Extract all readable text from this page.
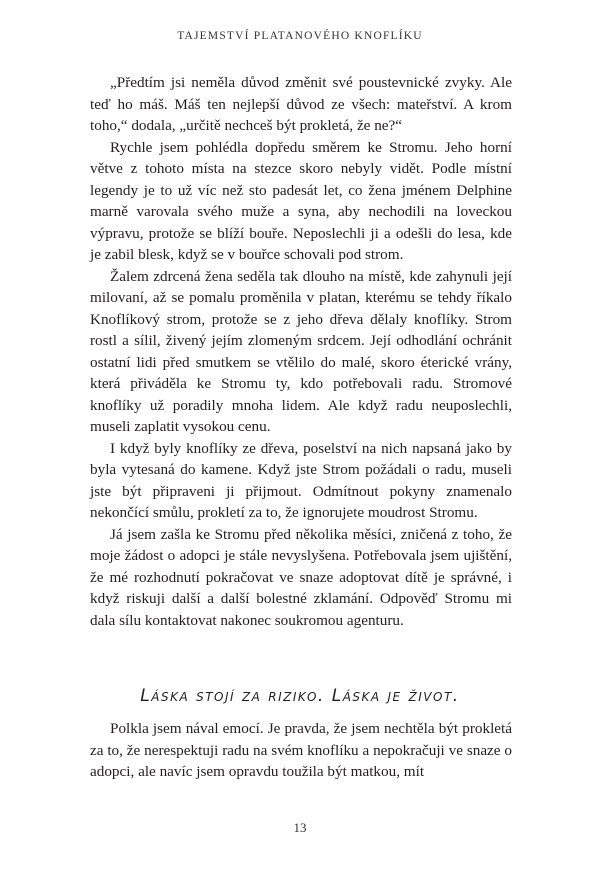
TAJEMSTVÍ PLATANOVÉHO KNOFLÍKU

„Předtím jsi neměla důvod změnit své poustevnické zvyky. Ale teď ho máš. Máš ten nejlepší důvod ze všech: mateřství. A krom toho,“ dodala, „určitě nechceš být prokletá, že ne?“

Rychle jsem pohlédla dopředu směrem ke Stromu. Jeho horní větve z tohoto místa na stezce skoro nebyly vidět. Podle místní legendy je to už víc než sto padesát let, co žena jménem Delphine marně varovala svého muže a syna, aby nechodili na loveckou výpravu, protože se blíží bouře. Neposlechli ji a odešli do lesa, kde je zabil blesk, když se v bouřce schovali pod strom.

Žalem zdrcená žena seděla tak dlouho na místě, kde zahynuli její milovaní, až se pomalu proměnila v platan, kterému se tehdy říkalo Knoflíkový strom, protože se z jeho dřeva dělaly knoflíky. Strom rostl a sílil, živený jejím zlomeným srdcem. Její odhodlání ochránit ostatní lidi před smutkem se vtělilo do malé, skoro éterické vrány, která přiváděla ke Stromu ty, kdo potřebovali radu. Stromové knoflíky už poradily mnoha lidem. Ale když radu neuposlechli, museli zaplatit vysokou cenu.

I když byly knoflíky ze dřeva, poselství na nich napsaná jako by byla vytesaná do kamene. Když jste Strom požádali o radu, museli jste být připraveni ji přijmout. Odmítnout pokyny znamenalo nekončící smůlu, prokletí za to, že ignorujete moudrost Stromu.

Já jsem zašla ke Stromu před několika měsíci, zničená z toho, že moje žádost o adopci je stále nevyslyšena. Potřebovala jsem ujištění, že mé rozhodnutí pokračovat ve snaze adoptovat dítě je správné, i když riskuji další a další bolestné zklamání. Odpověď Stromu mi dala sílu kontaktovat nakonec soukromou agenturu.

Láska stojí za riziko. Láska je život.

Polkla jsem nával emocí. Je pravda, že jsem nechtěla být prokletá za to, že nerespektuji radu na svém knoflíku a nepokračuji ve snaze o adopci, ale navíc jsem opravdu toužila být matkou, mít

13
